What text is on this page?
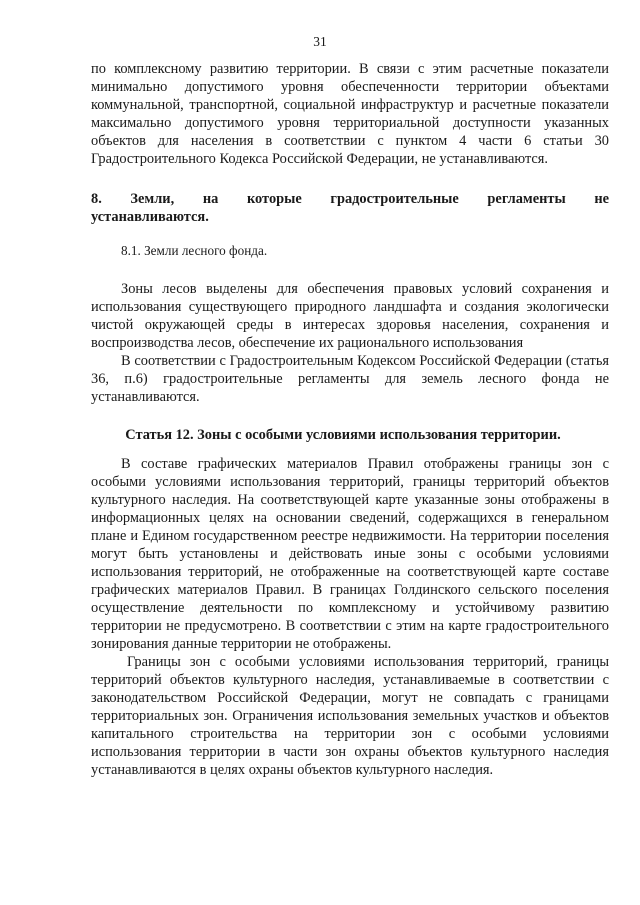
31

по комплексному развитию территории. В связи с этим расчетные показатели минимально допустимого уровня обеспеченности территории объектами коммунальной, транспортной, социальной инфраструктур и расчетные показатели максимально допустимого уровня территориальной доступности указанных объектов для населения в соответствии с пунктом 4 части 6 статьи 30 Градостроительного Кодекса Российской Федерации, не устанавливаются.

8. Земли, на которые градостроительные регламенты не устанавливаются.

8.1. Земли лесного фонда.

Зоны лесов выделены для обеспечения правовых условий сохранения и использования существующего природного ландшафта и создания экологически чистой окружающей среды в интересах здоровья населения, сохранения и воспроизводства лесов, обеспечение их рационального использования

В соответствии с Градостроительным Кодексом Российской Федерации (статья 36, п.6) градостроительные регламенты для земель лесного фонда не устанавливаются.

Статья 12. Зоны с особыми условиями использования территории.

В составе графических материалов Правил отображены границы зон с особыми условиями использования территорий, границы территорий объектов культурного наследия. На соответствующей карте указанные зоны отображены в информационных целях на основании сведений, содержащихся в генеральном плане и Едином государственном реестре недвижимости. На территории поселения могут быть установлены и действовать иные зоны с особыми условиями использования территорий, не отображенные на соответствующей карте составе графических материалов Правил. В границах Голдинского сельского поселения осуществление деятельности по комплексному и устойчивому развитию территории не предусмотрено. В соответствии с этим на карте градостроительного зонирования данные территории не отображены.

Границы зон с особыми условиями использования территорий, границы территорий объектов культурного наследия, устанавливаемые в соответствии с законодательством Российской Федерации, могут не совпадать с границами территориальных зон. Ограничения использования земельных участков и объектов капитального строительства на территории зон с особыми условиями использования территории в части зон охраны объектов культурного наследия устанавливаются в целях охраны объектов культурного наследия.
